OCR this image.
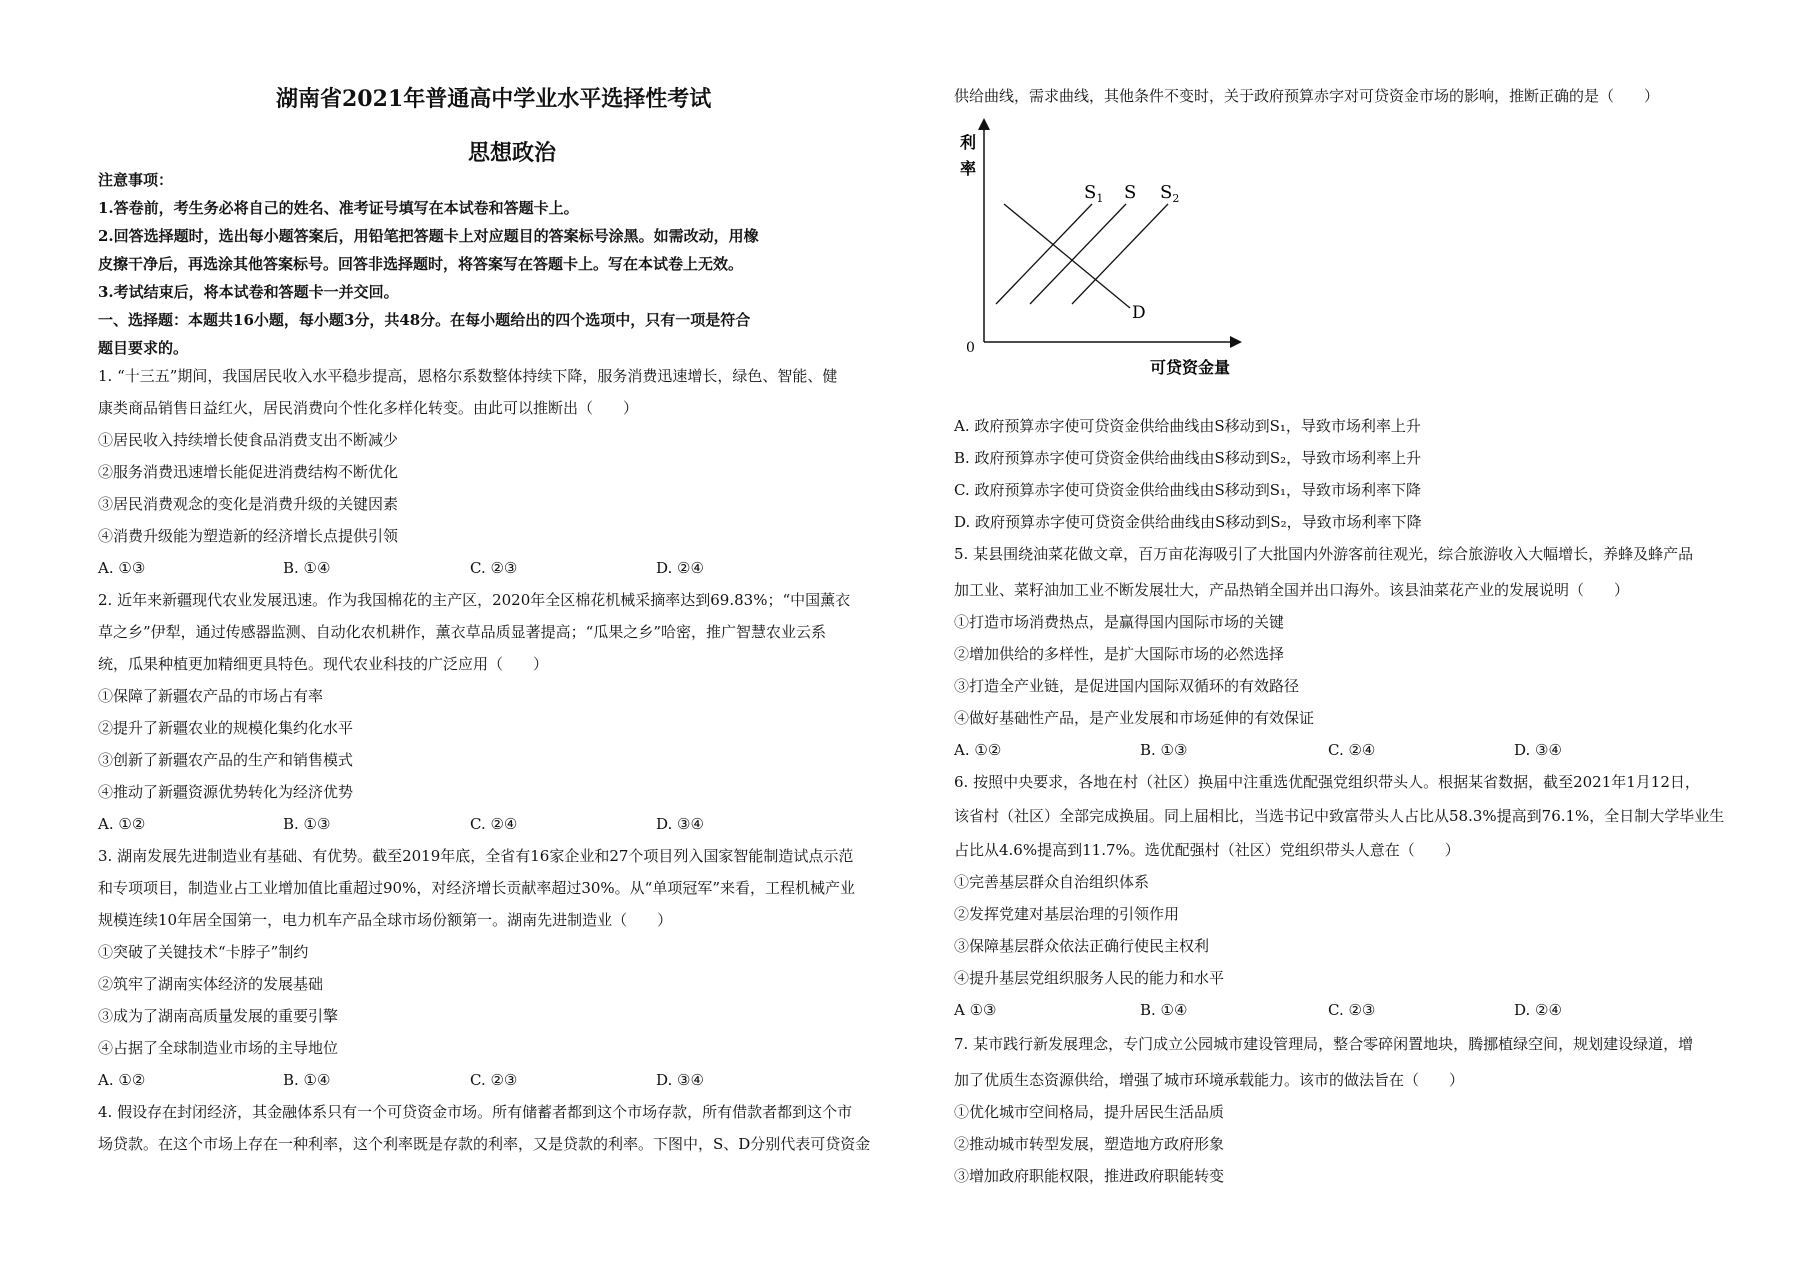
湖南省2021年普通高中学业水平选择性考试
思想政治
注意事项：
1.答卷前，考生务必将自己的姓名、准考证号填写在本试卷和答题卡上。
2.回答选择题时，选出每小题答案后，用铅笔把答题卡上对应题目的答案标号涂黑。如需改动，用橡
皮擦干净后，再选涂其他答案标号。回答非选择题时，将答案写在答题卡上。写在本试卷上无效。
3.考试结束后，将本试卷和答题卡一并交回。
一、选择题：本题共16小题，每小题3分，共48分。在每小题给出的四个选项中，只有一项是符合
题目要求的。
1. “十三五”期间，我国居民收入水平稳步提高，恩格尔系数整体持续下降，服务消费迅速增长，绿色、智能、健
康类商品销售日益红火，居民消费向个性化多样化转变。由此可以推断出（　　）
①居民收入持续增长使食品消费支出不断减少
②服务消费迅速增长能促进消费结构不断优化
③居民消费观念的变化是消费升级的关键因素
④消费升级能为塑造新的经济增长点提供引领
A. ①③	B. ①④	C. ②③	D. ②④
2. 近年来新疆现代农业发展迅速。作为我国棉花的主产区，2020年全区棉花机械采摘率达到69.83%；“中国薰衣
草之乡”伊犁，通过传感器监测、自动化农机耕作，薰衣草品质显著提高；“瓜果之乡”哈密，推广智慧农业云系
统，瓜果种植更加精细更具特色。现代农业科技的广泛应用（　　）
①保障了新疆农产品的市场占有率
②提升了新疆农业的规模化集约化水平
③创新了新疆农产品的生产和销售模式
④推动了新疆资源优势转化为经济优势
A. ①②	B. ①③	C. ②④	D. ③④
3. 湖南发展先进制造业有基础、有优势。截至2019年底，全省有16家企业和27个项目列入国家智能制造试点示范
和专项项目，制造业占工业增加值比重超过90%，对经济增长贡献率超过30%。从“单项冠军”来看，工程机械产业
规模连续10年居全国第一，电力机车产品全球市场份额第一。湖南先进制造业（　　）
①突破了关键技术“卡脖子”制约
②筑牢了湖南实体经济的发展基础
③成为了湖南高质量发展的重要引擎
④占据了全球制造业市场的主导地位
A. ①②	B. ①④	C. ②③	D. ③④
4. 假设存在封闭经济，其金融体系只有一个可贷资金市场。所有储蓄者都到这个市场存款，所有借款者都到这个市
场贷款。在这个市场上存在一种利率，这个利率既是存款的利率，又是贷款的利率。下图中，S、D分别代表可贷资金
供给曲线，需求曲线，其他条件不变时，关于政府预算赤字对可贷资金市场的影响，推断正确的是（　　）
A. 政府预算赤字使可贷资金供给曲线由S移动到S₁，导致市场利率上升
B. 政府预算赤字使可贷资金供给曲线由S移动到S₂，导致市场利率上升
C. 政府预算赤字使可贷资金供给曲线由S移动到S₁，导致市场利率下降
D. 政府预算赤字使可贷资金供给曲线由S移动到S₂，导致市场利率下降
5. 某县围绕油菜花做文章，百万亩花海吸引了大批国内外游客前往观光，综合旅游收入大幅增长，养蜂及蜂产品
加工业、菜籽油加工业不断发展壮大，产品热销全国并出口海外。该县油菜花产业的发展说明（　　）
①打造市场消费热点，是赢得国内国际市场的关键
②增加供给的多样性，是扩大国际市场的必然选择
③打造全产业链，是促进国内国际双循环的有效路径
④做好基础性产品，是产业发展和市场延伸的有效保证
A. ①②	B. ①③	C. ②④	D. ③④
6. 按照中央要求，各地在村（社区）换届中注重选优配强党组织带头人。根据某省数据，截至2021年1月12日，
该省村（社区）全部完成换届。同上届相比，当选书记中致富带头人占比从58.3%提高到76.1%，全日制大学毕业生
占比从4.6%提高到11.7%。选优配强村（社区）党组织带头人意在（　　）
①完善基层群众自治组织体系
②发挥党建对基层治理的引领作用
③保障基层群众依法正确行使民主权利
④提升基层党组织服务人民的能力和水平
A ①③	B. ①④	C. ②③	D. ②④
7. 某市践行新发展理念，专门成立公园城市建设管理局，整合零碎闲置地块，腾挪植绿空间，规划建设绿道，增
加了优质生态资源供给，增强了城市环境承载能力。该市的做法旨在（　　）
①优化城市空间格局，提升居民生活品质
②推动城市转型发展，塑造地方政府形象
③增加政府职能权限，推进政府职能转变
利
率
0
可贷资金量
$S_1$ S $S_2$
D
